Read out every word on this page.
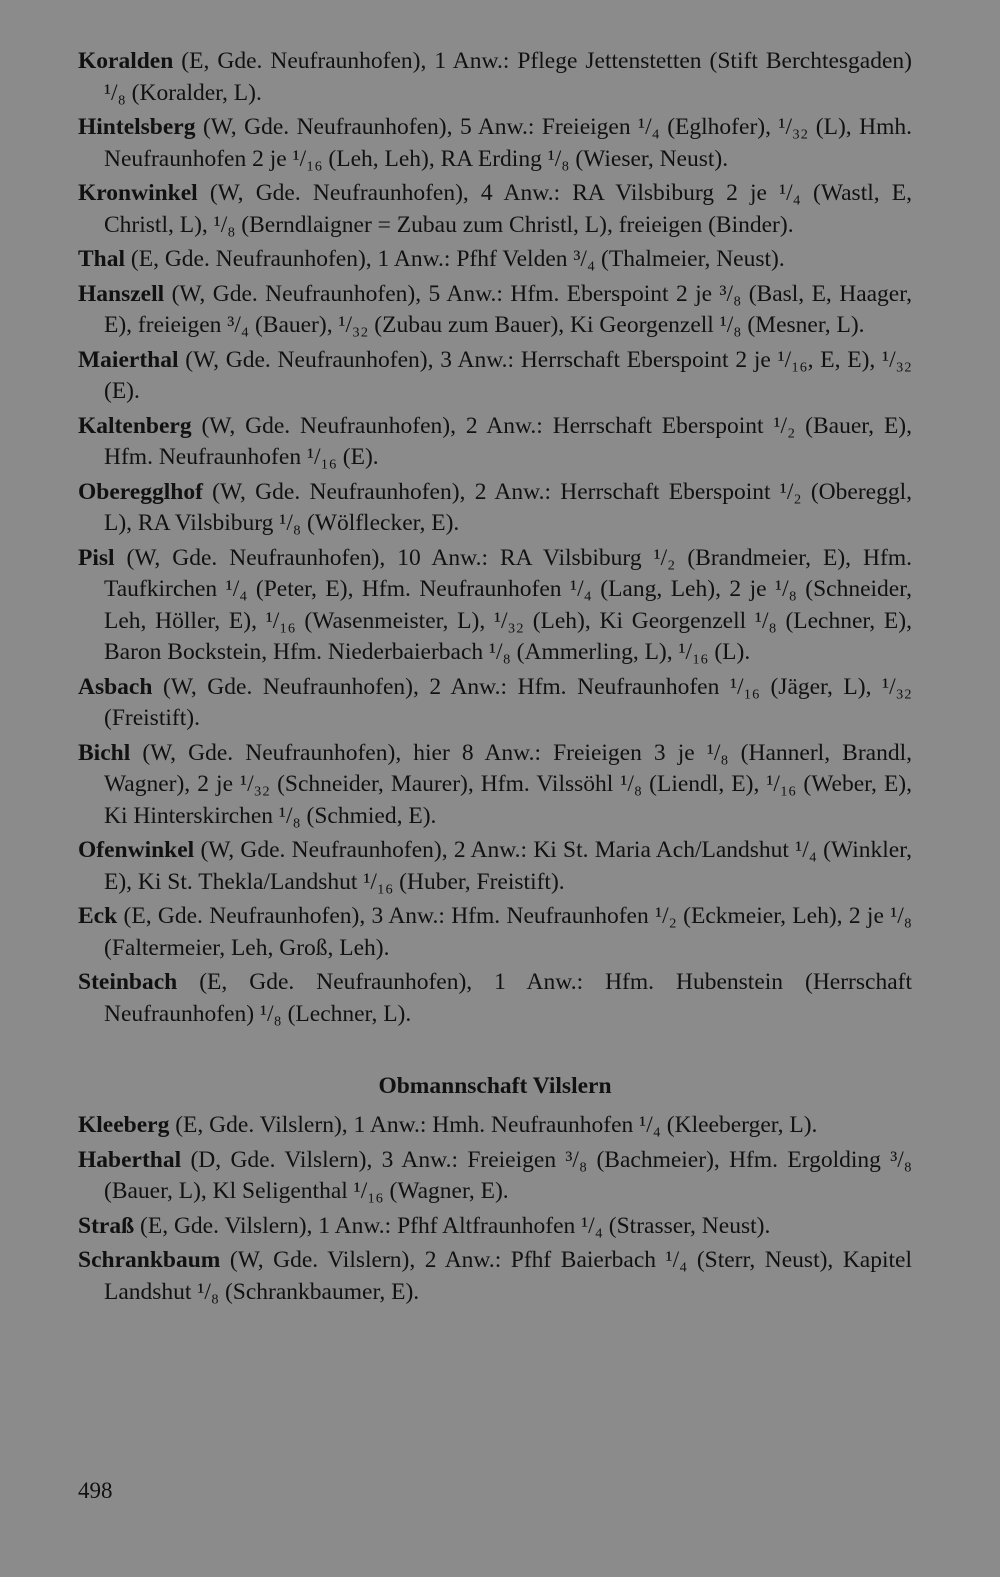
Koralden (E, Gde. Neufraunhofen), 1 Anw.: Pflege Jettenstetten (Stift Berchtesgaden) ¹/₈ (Koralder, L).

Hintelsberg (W, Gde. Neufraunhofen), 5 Anw.: Freieigen ¹/₄ (Eglhofer), ¹/₃₂ (L), Hmh. Neufraunhofen 2 je ¹/₁₆ (Leh, Leh), RA Erding ¹/₈ (Wieser, Neust).

Kronwinkel (W, Gde. Neufraunhofen), 4 Anw.: RA Vilsbiburg 2 je ¹/₄ (Wastl, E, Christl, L), ¹/₈ (Berndlaigner = Zubau zum Christl, L), freieigen (Binder).

Thal (E, Gde. Neufraunhofen), 1 Anw.: Pfhf Velden ³/₄ (Thalmeier, Neust).

Hanszell (W, Gde. Neufraunhofen), 5 Anw.: Hfm. Eberspoint 2 je ³/₈ (Basl, E, Haager, E), freieigen ³/₄ (Bauer), ¹/₃₂ (Zubau zum Bauer), Ki Georgenzell ¹/₈ (Mesner, L).

Maierthal (W, Gde. Neufraunhofen), 3 Anw.: Herrschaft Eberspoint 2 je ¹/₁₆, E, E), ¹/₃₂ (E).

Kaltenberg (W, Gde. Neufraunhofen), 2 Anw.: Herrschaft Eberspoint ¹/₂ (Bauer, E), Hfm. Neufraunhofen ¹/₁₆ (E).

Oberegglhof (W, Gde. Neufraunhofen), 2 Anw.: Herrschaft Eberspoint ¹/₂ (Obereggl, L), RA Vilsbiburg ¹/₈ (Wölflecker, E).

Pisl (W, Gde. Neufraunhofen), 10 Anw.: RA Vilsbiburg ¹/₂ (Brandmeier, E), Hfm. Taufkirchen ¹/₄ (Peter, E), Hfm. Neufraunhofen ¹/₄ (Lang, Leh), 2 je ¹/₈ (Schneider, Leh, Höller, E), ¹/₁₆ (Wasenmeister, L), ¹/₃₂ (Leh), Ki Georgenzell ¹/₈ (Lechner, E), Baron Bockstein, Hfm. Niederbaierbach ¹/₈ (Ammerling, L), ¹/₁₆ (L).

Asbach (W, Gde. Neufraunhofen), 2 Anw.: Hfm. Neufraunhofen ¹/₁₆ (Jäger, L), ¹/₃₂ (Freistift).

Bichl (W, Gde. Neufraunhofen), hier 8 Anw.: Freieigen 3 je ¹/₈ (Hannerl, Brandl, Wagner), 2 je ¹/₃₂ (Schneider, Maurer), Hfm. Vilssöhl ¹/₈ (Liendl, E), ¹/₁₆ (Weber, E), Ki Hinterskirchen ¹/₈ (Schmied, E).

Ofenwinkel (W, Gde. Neufraunhofen), 2 Anw.: Ki St. Maria Ach/Landshut ¹/₄ (Winkler, E), Ki St. Thekla/Landshut ¹/₁₆ (Huber, Freistift).

Eck (E, Gde. Neufraunhofen), 3 Anw.: Hfm. Neufraunhofen ¹/₂ (Eckmeier, Leh), 2 je ¹/₈ (Faltermeier, Leh, Groß, Leh).

Steinbach (E, Gde. Neufraunhofen), 1 Anw.: Hfm. Hubenstein (Herrschaft Neufraunhofen) ¹/₈ (Lechner, L).

Obmannschaft Vilslern

Kleeberg (E, Gde. Vilslern), 1 Anw.: Hmh. Neufraunhofen ¹/₄ (Kleeberger, L).

Haberthal (D, Gde. Vilslern), 3 Anw.: Freieigen ³/₈ (Bachmeier), Hfm. Ergolding ³/₈ (Bauer, L), Kl Seligenthal ¹/₁₆ (Wagner, E).

Straß (E, Gde. Vilslern), 1 Anw.: Pfhf Altfraunhofen ¹/₄ (Strasser, Neust).

Schrankbaum (W, Gde. Vilslern), 2 Anw.: Pfhf Baierbach ¹/₄ (Sterr, Neust), Kapitel Landshut ¹/₈ (Schrankbaumer, E).

498
